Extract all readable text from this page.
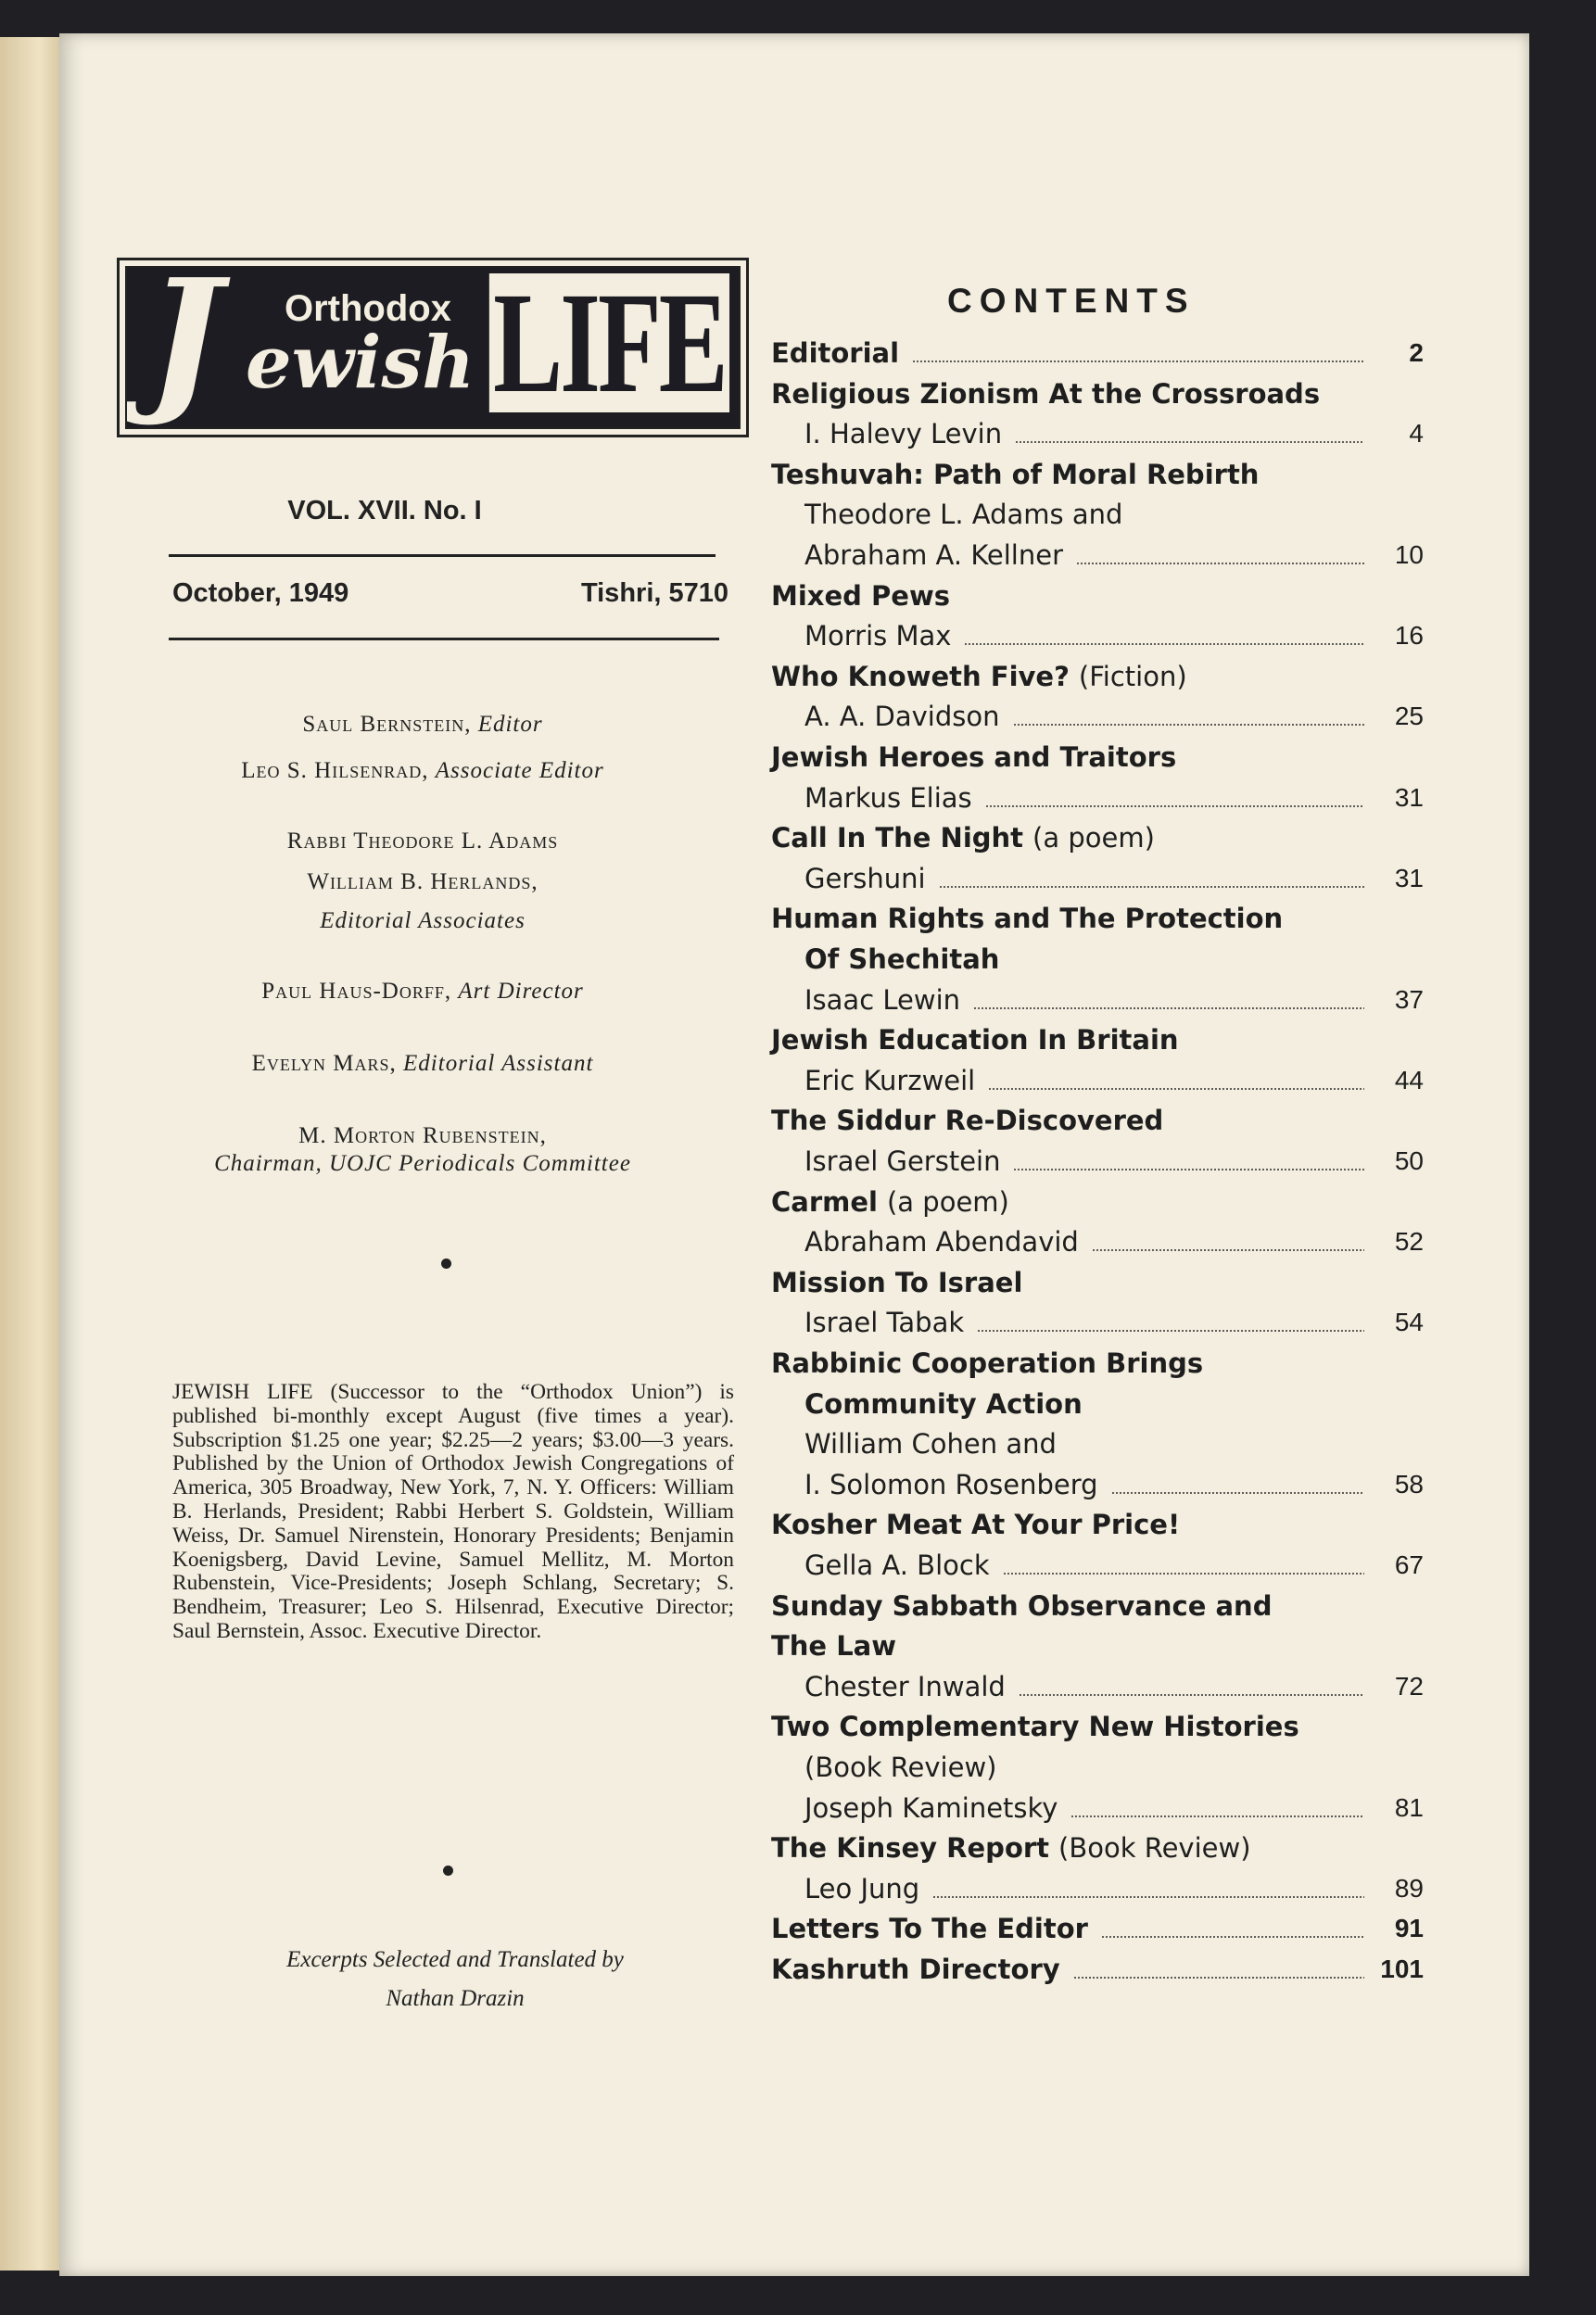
J Orthodox
ewish LIFE
VOL. XVII. No. I
October, 1949	Tishri, 5710
Saul Bernstein, Editor
Leo S. Hilsenrad, Associate Editor
Rabbi Theodore L. Adams
William B. Herlands,
Editorial Associates
Paul Haus-Dorff, Art Director
Evelyn Mars, Editorial Assistant
M. Morton Rubenstein,
Chairman, UOJC Periodicals Committee
JEWISH LIFE (Successor to the “Orthodox Union”) is published bi-monthly except August (five times a year). Subscription $1.25 one year; $2.25—2 years; $3.00—3 years. Published by the Union of Orthodox Jewish Congregations of America, 305 Broadway, New York, 7, N. Y. Officers: William B. Herlands, President; Rabbi Herbert S. Goldstein, William Weiss, Dr. Samuel Nirenstein, Honorary Presidents; Benjamin Koenigsberg, David Levine, Samuel Mellitz, M. Morton Rubenstein, Vice-Presidents; Joseph Schlang, Secretary; S. Bendheim, Treasurer; Leo S. Hilsenrad, Executive Director; Saul Bernstein, Assoc. Executive Director.
Excerpts Selected and Translated by
Nathan Drazin
CONTENTS
Editorial	2
Religious Zionism At the Crossroads
I. Halevy Levin	4
Teshuvah: Path of Moral Rebirth
Theodore L. Adams and
Abraham A. Kellner	10
Mixed Pews
Morris Max	16
Who Knoweth Five? (Fiction)
A. A. Davidson	25
Jewish Heroes and Traitors
Markus Elias	31
Call In The Night (a poem)
Gershuni	31
Human Rights and The Protection
Of Shechitah
Isaac Lewin	37
Jewish Education In Britain
Eric Kurzweil	44
The Siddur Re-Discovered
Israel Gerstein	50
Carmel (a poem)
Abraham Abendavid	52
Mission To Israel
Israel Tabak	54
Rabbinic Cooperation Brings
Community Action
William Cohen and
I. Solomon Rosenberg	58
Kosher Meat At Your Price!
Gella A. Block	67
Sunday Sabbath Observance and
The Law
Chester Inwald	72
Two Complementary New Histories
(Book Review)
Joseph Kaminetsky	81
The Kinsey Report (Book Review)
Leo Jung	89
Letters To The Editor	91
Kashruth Directory	101
